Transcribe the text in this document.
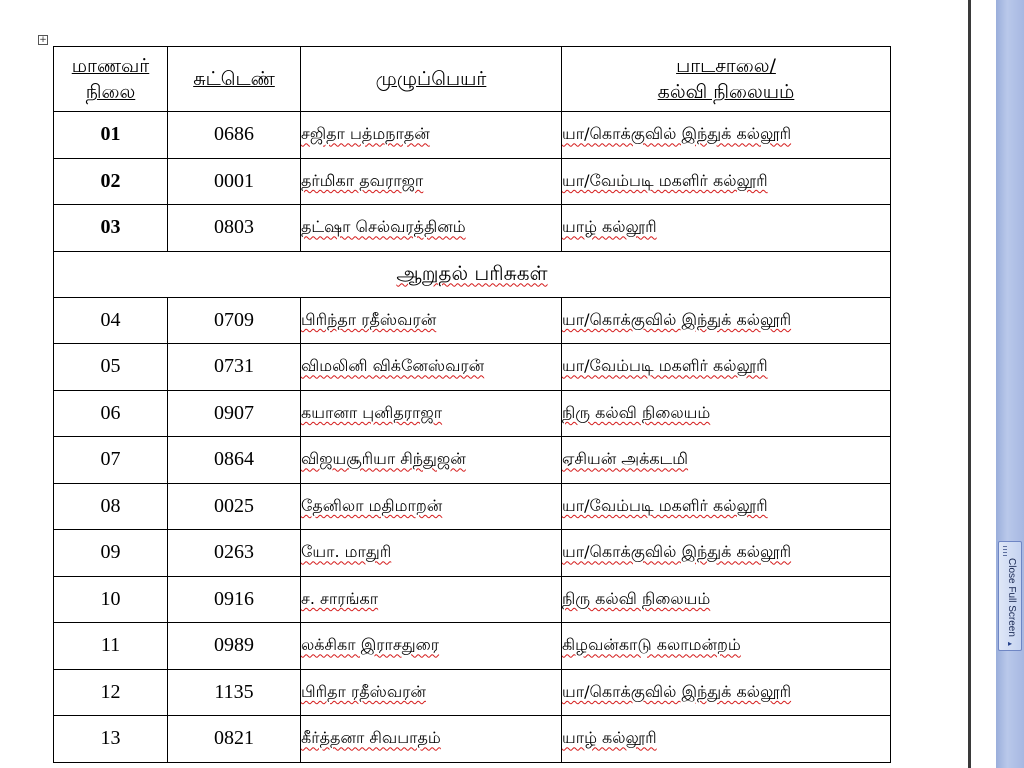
+
மாணவர்
நிலை	சுட்டெண்	முழுப்பெயர்	பாடசாலை/
கல்வி நிலையம்
01	0686	சஜிதா பத்மநாதன்	யா/கொக்குவில் இந்துக் கல்லூரி
02	0001	தர்மிகா தவராஜா	யா/வேம்படி மகளிர் கல்லூரி
03	0803	தட்ஷா செல்வரத்தினம்	யாழ் கல்லூரி
ஆறுதல் பரிசுகள்			
04	0709	பிரிந்தா ரதீஸ்வரன்	யா/கொக்குவில் இந்துக் கல்லூரி
05	0731	விமலினி விக்னேஸ்வரன்	யா/வேம்படி மகளிர் கல்லூரி
06	0907	கயானா புனிதராஜா	நிரு கல்வி நிலையம்
07	0864	விஜயசூரியா சிந்துஜன்	ஏசியன் அக்கடமி
08	0025	தேனிலா மதிமாறன்	யா/வேம்படி மகளிர் கல்லூரி
09	0263	யோ. மாதுரி	யா/கொக்குவில் இந்துக் கல்லூரி
10	0916	ச. சாரங்கா	நிரு கல்வி நிலையம்
11	0989	லக்சிகா இராசதுரை	கிழவன்காடு கலாமன்றம்
12	1135	பிரிதா ரதீஸ்வரன்	யா/கொக்குவில் இந்துக் கல்லூரி
13	0821	கீர்த்தனா சிவபாதம்	யாழ் கல்லூரி
Close Full Screen
▸
